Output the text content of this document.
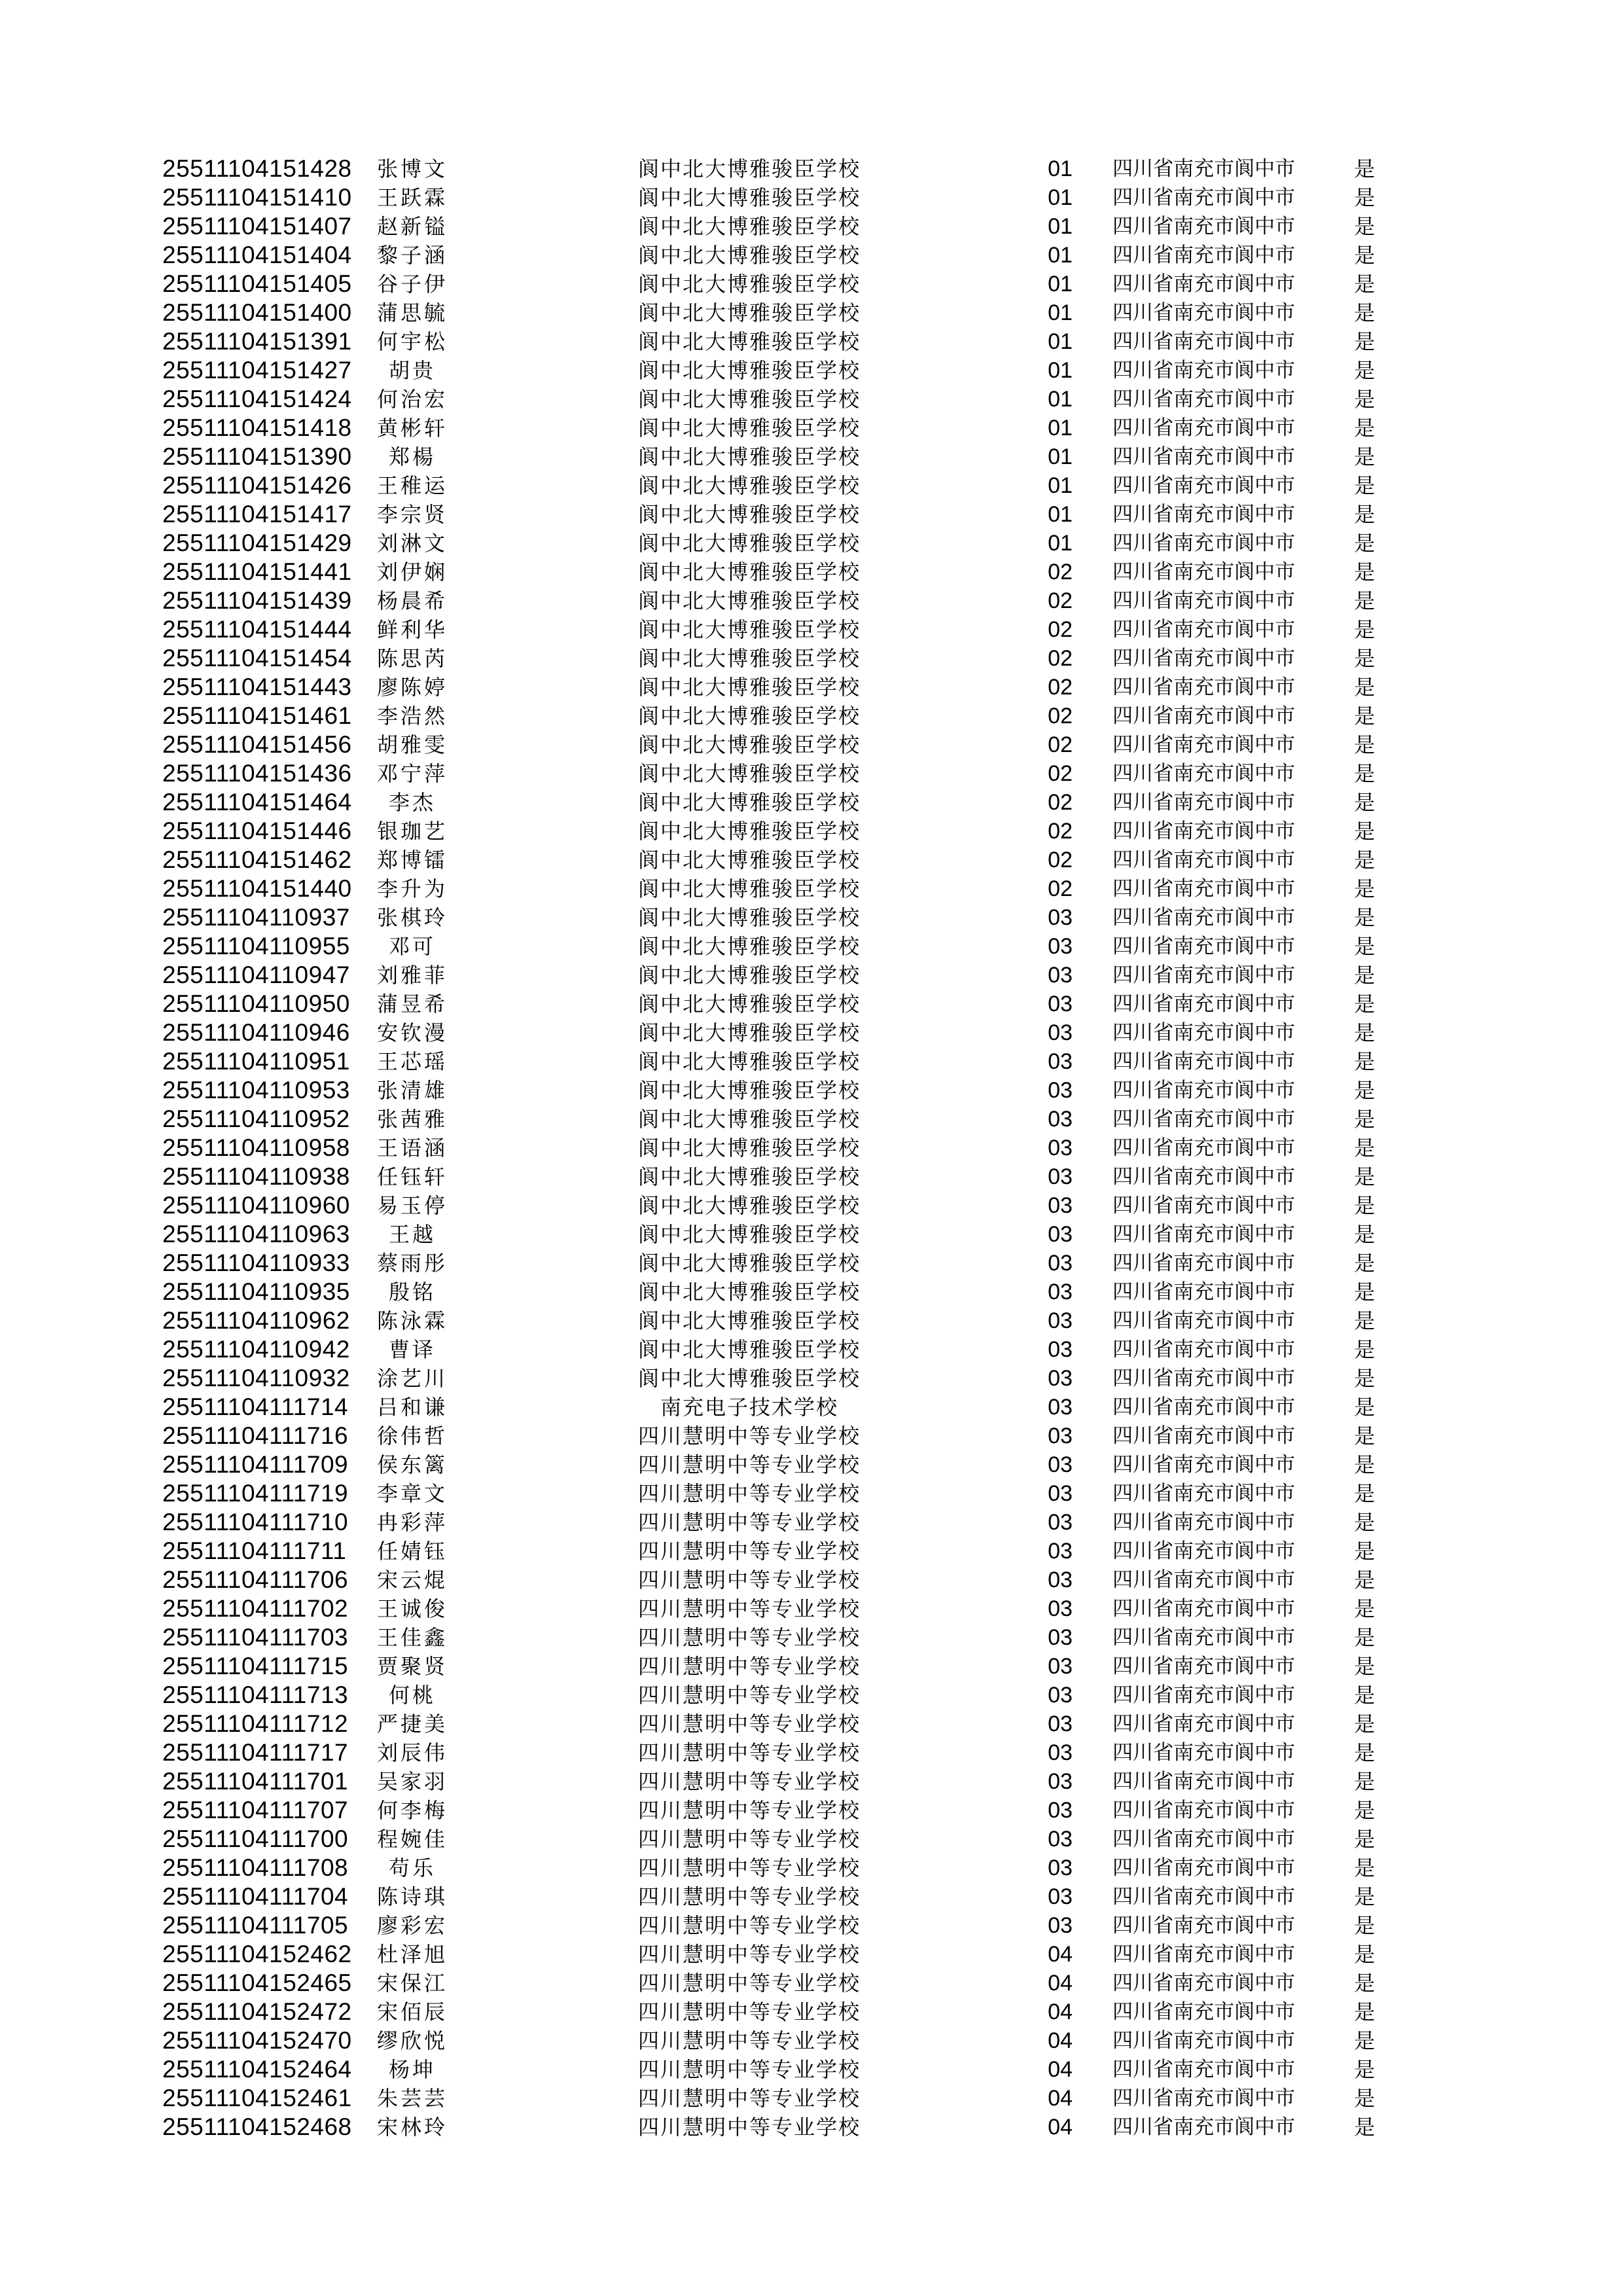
25511104151428	张博文	阆中北大博雅骏臣学校	01	四川省南充市阆中市	是
25511104151410	王跃霖	阆中北大博雅骏臣学校	01	四川省南充市阆中市	是
25511104151407	赵新镒	阆中北大博雅骏臣学校	01	四川省南充市阆中市	是
25511104151404	黎子涵	阆中北大博雅骏臣学校	01	四川省南充市阆中市	是
25511104151405	谷子伊	阆中北大博雅骏臣学校	01	四川省南充市阆中市	是
25511104151400	蒲思毓	阆中北大博雅骏臣学校	01	四川省南充市阆中市	是
25511104151391	何宇松	阆中北大博雅骏臣学校	01	四川省南充市阆中市	是
25511104151427	胡贵	阆中北大博雅骏臣学校	01	四川省南充市阆中市	是
25511104151424	何治宏	阆中北大博雅骏臣学校	01	四川省南充市阆中市	是
25511104151418	黄彬轩	阆中北大博雅骏臣学校	01	四川省南充市阆中市	是
25511104151390	郑楊	阆中北大博雅骏臣学校	01	四川省南充市阆中市	是
25511104151426	王稚运	阆中北大博雅骏臣学校	01	四川省南充市阆中市	是
25511104151417	李宗贤	阆中北大博雅骏臣学校	01	四川省南充市阆中市	是
25511104151429	刘淋文	阆中北大博雅骏臣学校	01	四川省南充市阆中市	是
25511104151441	刘伊娴	阆中北大博雅骏臣学校	02	四川省南充市阆中市	是
25511104151439	杨晨希	阆中北大博雅骏臣学校	02	四川省南充市阆中市	是
25511104151444	鲜利华	阆中北大博雅骏臣学校	02	四川省南充市阆中市	是
25511104151454	陈思芮	阆中北大博雅骏臣学校	02	四川省南充市阆中市	是
25511104151443	廖陈婷	阆中北大博雅骏臣学校	02	四川省南充市阆中市	是
25511104151461	李浩然	阆中北大博雅骏臣学校	02	四川省南充市阆中市	是
25511104151456	胡雅雯	阆中北大博雅骏臣学校	02	四川省南充市阆中市	是
25511104151436	邓宁萍	阆中北大博雅骏臣学校	02	四川省南充市阆中市	是
25511104151464	李杰	阆中北大博雅骏臣学校	02	四川省南充市阆中市	是
25511104151446	银珈艺	阆中北大博雅骏臣学校	02	四川省南充市阆中市	是
25511104151462	郑博镭	阆中北大博雅骏臣学校	02	四川省南充市阆中市	是
25511104151440	李升为	阆中北大博雅骏臣学校	02	四川省南充市阆中市	是
25511104110937	张棋玲	阆中北大博雅骏臣学校	03	四川省南充市阆中市	是
25511104110955	邓可	阆中北大博雅骏臣学校	03	四川省南充市阆中市	是
25511104110947	刘雅菲	阆中北大博雅骏臣学校	03	四川省南充市阆中市	是
25511104110950	蒲昱希	阆中北大博雅骏臣学校	03	四川省南充市阆中市	是
25511104110946	安钦漫	阆中北大博雅骏臣学校	03	四川省南充市阆中市	是
25511104110951	王芯瑶	阆中北大博雅骏臣学校	03	四川省南充市阆中市	是
25511104110953	张清雄	阆中北大博雅骏臣学校	03	四川省南充市阆中市	是
25511104110952	张茜雅	阆中北大博雅骏臣学校	03	四川省南充市阆中市	是
25511104110958	王语涵	阆中北大博雅骏臣学校	03	四川省南充市阆中市	是
25511104110938	任钰轩	阆中北大博雅骏臣学校	03	四川省南充市阆中市	是
25511104110960	易玉停	阆中北大博雅骏臣学校	03	四川省南充市阆中市	是
25511104110963	王越	阆中北大博雅骏臣学校	03	四川省南充市阆中市	是
25511104110933	蔡雨彤	阆中北大博雅骏臣学校	03	四川省南充市阆中市	是
25511104110935	殷铭	阆中北大博雅骏臣学校	03	四川省南充市阆中市	是
25511104110962	陈泳霖	阆中北大博雅骏臣学校	03	四川省南充市阆中市	是
25511104110942	曹译	阆中北大博雅骏臣学校	03	四川省南充市阆中市	是
25511104110932	涂艺川	阆中北大博雅骏臣学校	03	四川省南充市阆中市	是
25511104111714	吕和谦	南充电子技术学校	03	四川省南充市阆中市	是
25511104111716	徐伟哲	四川慧明中等专业学校	03	四川省南充市阆中市	是
25511104111709	侯东篱	四川慧明中等专业学校	03	四川省南充市阆中市	是
25511104111719	李章文	四川慧明中等专业学校	03	四川省南充市阆中市	是
25511104111710	冉彩萍	四川慧明中等专业学校	03	四川省南充市阆中市	是
25511104111711	任婧钰	四川慧明中等专业学校	03	四川省南充市阆中市	是
25511104111706	宋云焜	四川慧明中等专业学校	03	四川省南充市阆中市	是
25511104111702	王诚俊	四川慧明中等专业学校	03	四川省南充市阆中市	是
25511104111703	王佳鑫	四川慧明中等专业学校	03	四川省南充市阆中市	是
25511104111715	贾聚贤	四川慧明中等专业学校	03	四川省南充市阆中市	是
25511104111713	何桃	四川慧明中等专业学校	03	四川省南充市阆中市	是
25511104111712	严捷美	四川慧明中等专业学校	03	四川省南充市阆中市	是
25511104111717	刘辰伟	四川慧明中等专业学校	03	四川省南充市阆中市	是
25511104111701	吴家羽	四川慧明中等专业学校	03	四川省南充市阆中市	是
25511104111707	何李梅	四川慧明中等专业学校	03	四川省南充市阆中市	是
25511104111700	程婉佳	四川慧明中等专业学校	03	四川省南充市阆中市	是
25511104111708	苟乐	四川慧明中等专业学校	03	四川省南充市阆中市	是
25511104111704	陈诗琪	四川慧明中等专业学校	03	四川省南充市阆中市	是
25511104111705	廖彩宏	四川慧明中等专业学校	03	四川省南充市阆中市	是
25511104152462	杜泽旭	四川慧明中等专业学校	04	四川省南充市阆中市	是
25511104152465	宋保江	四川慧明中等专业学校	04	四川省南充市阆中市	是
25511104152472	宋佰辰	四川慧明中等专业学校	04	四川省南充市阆中市	是
25511104152470	缪欣悦	四川慧明中等专业学校	04	四川省南充市阆中市	是
25511104152464	杨坤	四川慧明中等专业学校	04	四川省南充市阆中市	是
25511104152461	朱芸芸	四川慧明中等专业学校	04	四川省南充市阆中市	是
25511104152468	宋林玲	四川慧明中等专业学校	04	四川省南充市阆中市	是
